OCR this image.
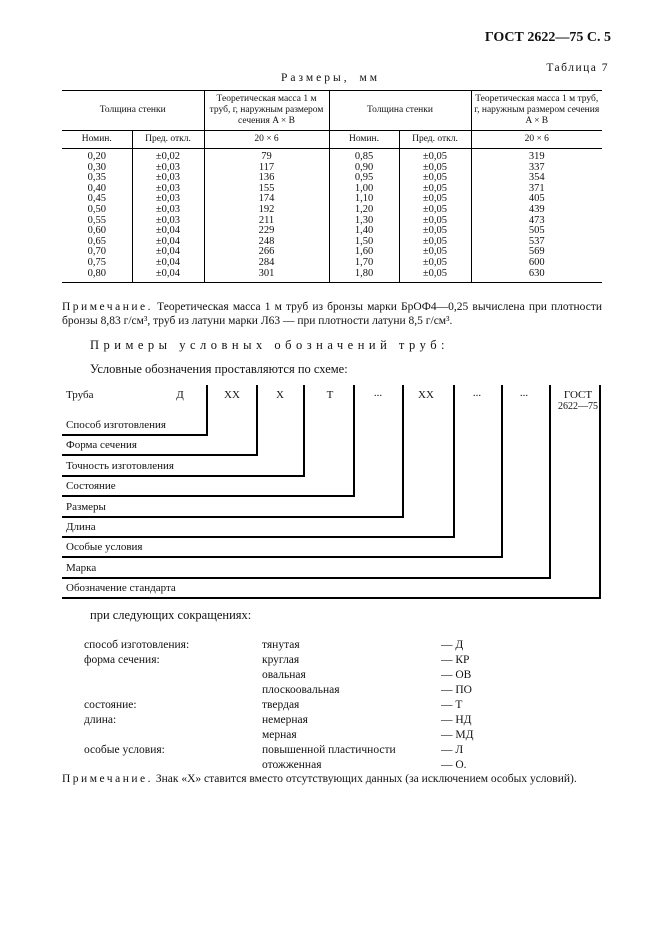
ГОСТ 2622—75 С. 5
Таблица 7
Размеры, мм
Толщина стенки		Теоретическая масса 1 м труб, г, наружным размером сечения A × B	Толщина стенки		Теоретическая масса 1 м труб, г, наружным размером сечения A × B
Номин.	Пред. откл.	20 × 6	Номин.	Пред. откл.	20 × 6
0,20	±0,02	79	0,85	±0,05	319
0,30	±0,03	117	0,90	±0,05	337
0,35	±0,03	136	0,95	±0,05	354
0,40	±0,03	155	1,00	±0,05	371
0,45	±0,03	174	1,10	±0,05	405
0,50	±0,03	192	1,20	±0,05	439
0,55	±0,03	211	1,30	±0,05	473
0,60	±0,04	229	1,40	±0,05	505
0,65	±0,04	248	1,50	±0,05	537
0,70	±0,04	266	1,60	±0,05	569
0,75	±0,04	284	1,70	±0,05	600
0,80	±0,04	301	1,80	±0,05	630
Примечание. Теоретическая масса 1 м труб из бронзы марки БрОФ4—0,25 вычислена при плотности бронзы 8,83 г/см³, труб из латуни марки Л63 — при плотности латуни 8,5 г/см³.
Примеры условных обозначений труб:
Условные обозначения проставляются по схеме:
Труба	Д	XX	X	Т	...	XX	...	...	ГОСТ
2622—75
Способ изготовления
Форма сечения
Точность изготовления
Состояние
Размеры
Длина
Особые условия
Марка
Обозначение стандарта
при следующих сокращениях:
способ изготовления:	тянутая	— Д
форма сечения:	круглая	— КР
овальная	— ОВ
плоскоовальная	— ПО
состояние:	твердая	— Т
длина:	немерная	— НД
мерная	— МД
особые условия:	повышенной пластичности	— Л
отожженная	— О.
Примечание. Знак «X» ставится вместо отсутствующих данных (за исключением особых условий).
